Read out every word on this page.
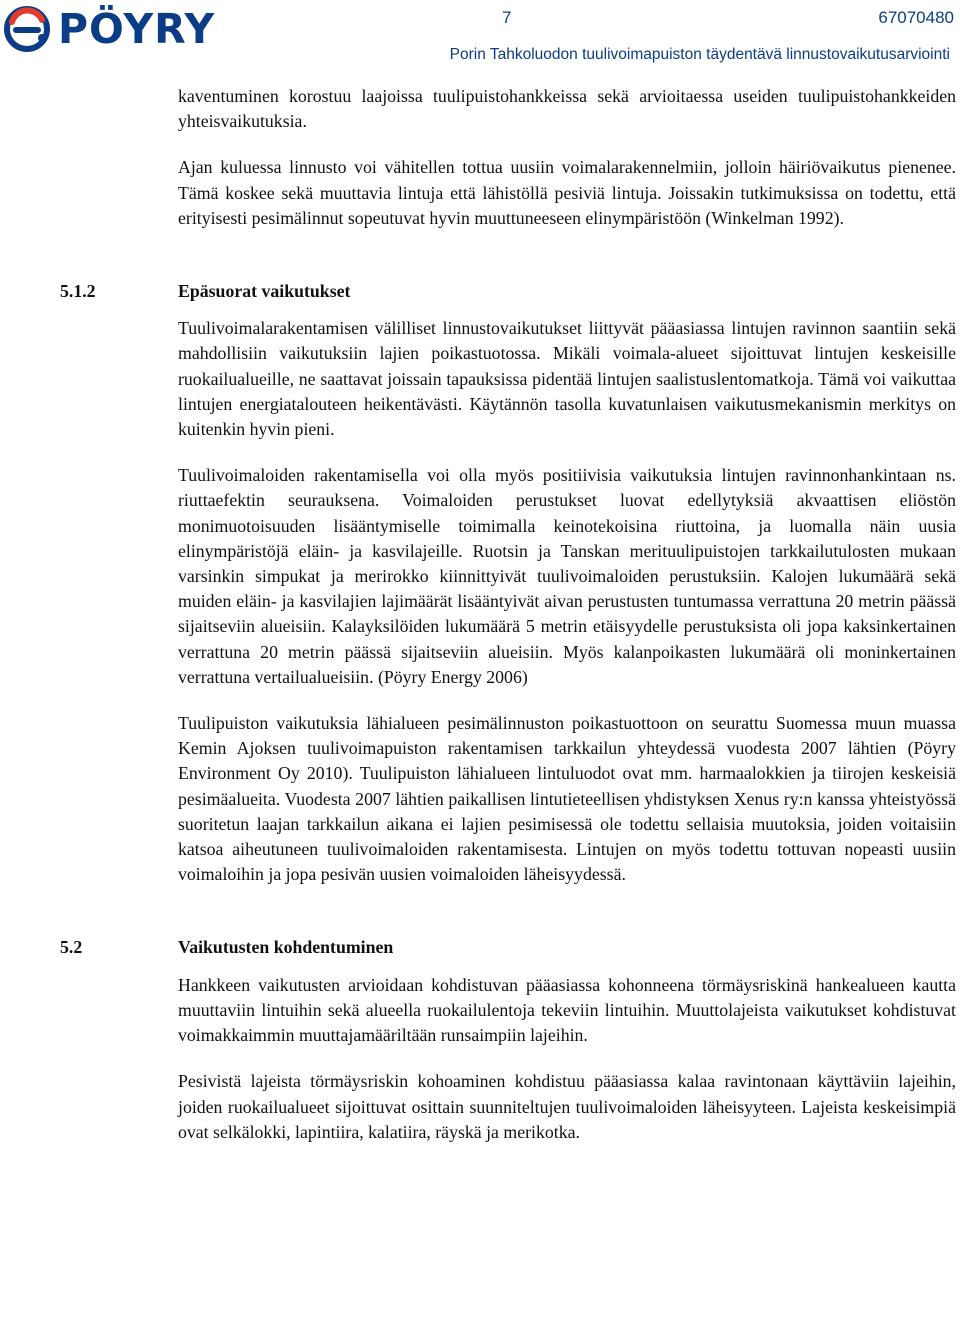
PÖYRY	7	67070480
Porin Tahkoluodon tuulivoimapuiston täydentävä linnustovaikutusarviointi

kaventuminen korostuu laajoissa tuulipuistohankkeissa sekä arvioitaessa useiden tuulipuistohankkeiden yhteisvaikutuksia.

Ajan kuluessa linnusto voi vähitellen tottua uusiin voimalarakennelmiin, jolloin häiriövaikutus pienenee. Tämä koskee sekä muuttavia lintuja että lähistöllä pesiviä lintuja. Joissakin tutkimuksissa on todettu, että erityisesti pesimälinnut sopeutuvat hyvin muuttuneeseen elinympäristöön (Winkelman 1992).

5.1.2	Epäsuorat vaikutukset

Tuulivoimalarakentamisen välilliset linnustovaikutukset liittyvät pääasiassa lintujen ravinnon saantiin sekä mahdollisiin vaikutuksiin lajien poikastuotossa. Mikäli voimala-alueet sijoittuvat lintujen keskeisille ruokailualueille, ne saattavat joissain tapauksissa pidentää lintujen saalistuslentomatkoja. Tämä voi vaikuttaa lintujen energiatalouteen heikentävästi. Käytännön tasolla kuvatunlaisen vaikutusmekanismin merkitys on kuitenkin hyvin pieni.

Tuulivoimaloiden rakentamisella voi olla myös positiivisia vaikutuksia lintujen ravinnonhankintaan ns. riuttaefektin seurauksena. Voimaloiden perustukset luovat edellytyksiä akvaattisen eliöstön monimuotoisuuden lisääntymiselle toimimalla keinotekoisina riuttoina, ja luomalla näin uusia elinympäristöjä eläin- ja kasvilajeille. Ruotsin ja Tanskan merituulipuistojen tarkkailutulosten mukaan varsinkin simpukat ja merirokko kiinnittyivät tuulivoimaloiden perustuksiin. Kalojen lukumäärä sekä muiden eläin- ja kasvilajien lajimäärät lisääntyivät aivan perustusten tuntumassa verrattuna 20 metrin päässä sijaitseviin alueisiin. Kalayksilöiden lukumäärä 5 metrin etäisyydelle perustuksista oli jopa kaksinkertainen verrattuna 20 metrin päässä sijaitseviin alueisiin. Myös kalanpoikasten lukumäärä oli moninkertainen verrattuna vertailualueisiin. (Pöyry Energy 2006)

Tuulipuiston vaikutuksia lähialueen pesimälinnuston poikastuottoon on seurattu Suomessa muun muassa Kemin Ajoksen tuulivoimapuiston rakentamisen tarkkailun yhteydessä vuodesta 2007 lähtien (Pöyry Environment Oy 2010). Tuulipuiston lähialueen lintuluodot ovat mm. harmaalokkien ja tiirojen keskeisiä pesimäalueita. Vuodesta 2007 lähtien paikallisen lintutieteellisen yhdistyksen Xenus ry:n kanssa yhteistyössä suoritetun laajan tarkkailun aikana ei lajien pesimisessä ole todettu sellaisia muutoksia, joiden voitaisiin katsoa aiheutuneen tuulivoimaloiden rakentamisesta. Lintujen on myös todettu tottuvan nopeasti uusiin voimaloihin ja jopa pesivän uusien voimaloiden läheisyydessä.

5.2	Vaikutusten kohdentuminen

Hankkeen vaikutusten arvioidaan kohdistuvan pääasiassa kohonneena törmäysriskinä hankealueen kautta muuttaviin lintuihin sekä alueella ruokailulentoja tekeviin lintuihin. Muuttolajeista vaikutukset kohdistuvat voimakkaimmin muuttajamääriltään runsaimpiin lajeihin.

Pesivistä lajeista törmäysriskin kohoaminen kohdistuu pääasiassa kalaa ravintonaan käyttäviin lajeihin, joiden ruokailualueet sijoittuvat osittain suunniteltujen tuulivoimaloiden läheisyyteen. Lajeista keskeisimpiä ovat selkälokki, lapintiira, kalatiira, räyskä ja merikotka.
